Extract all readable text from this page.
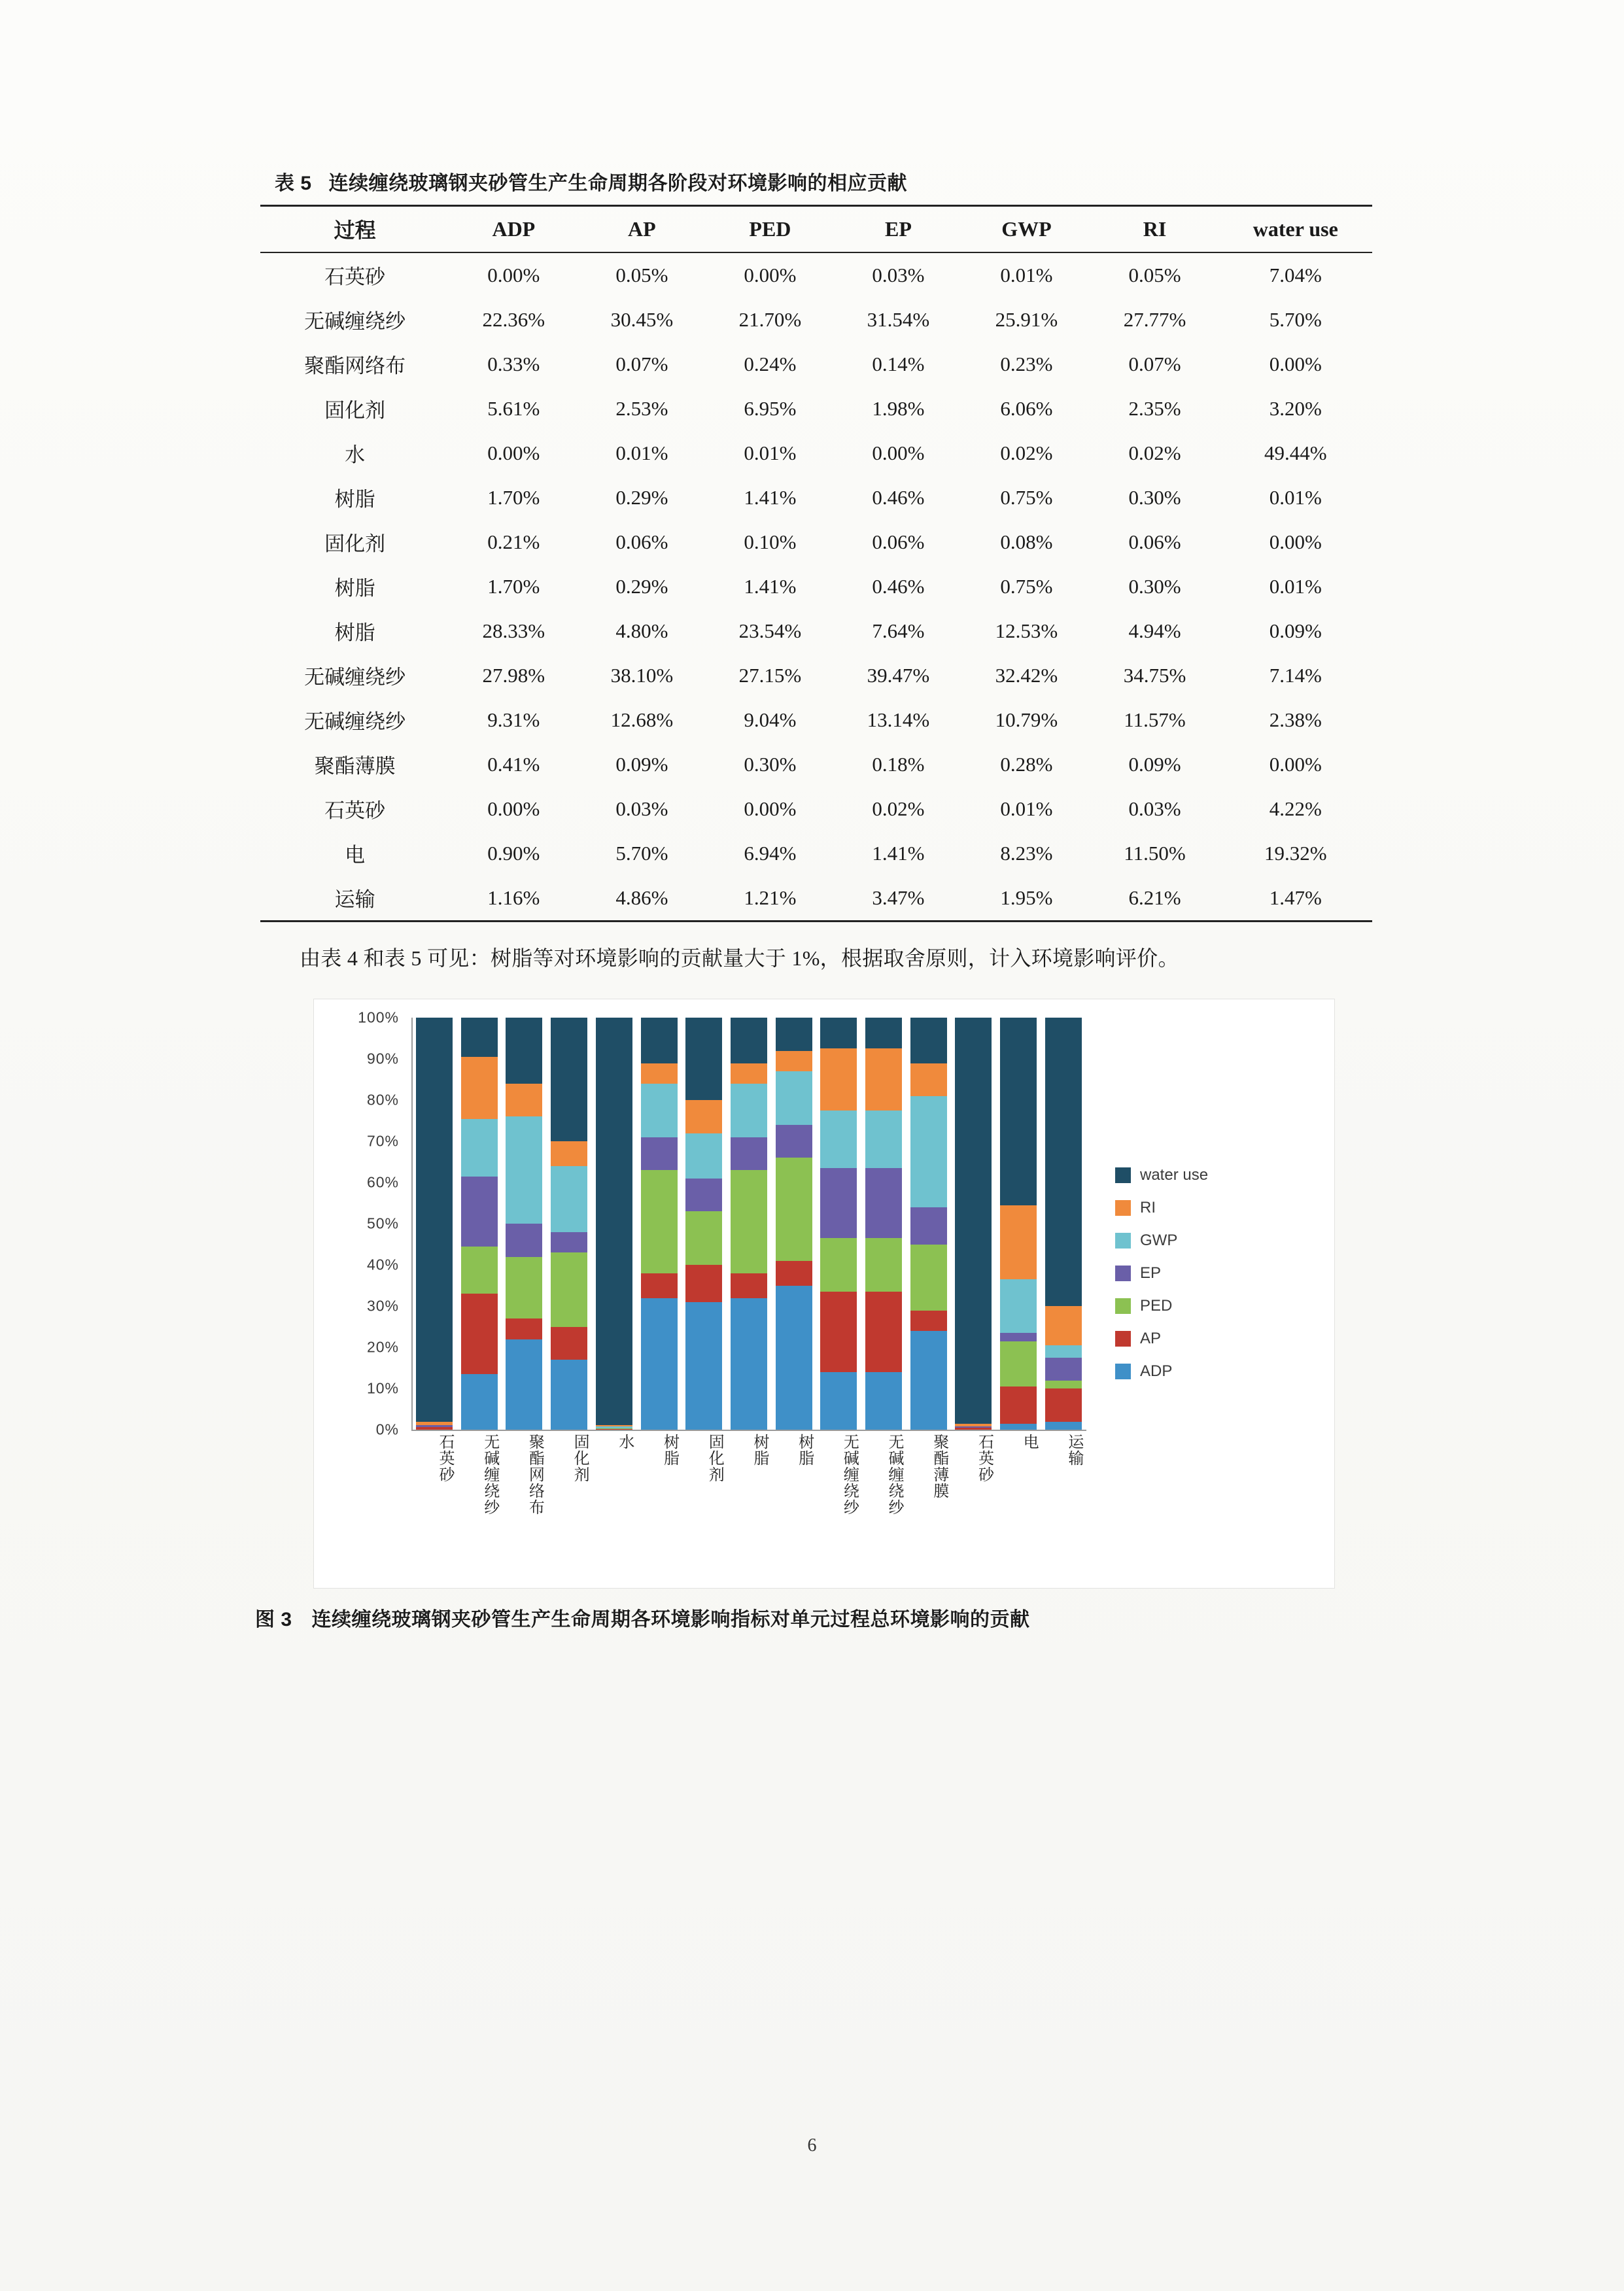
表 5 连续缠绕玻璃钢夹砂管生产生命周期各阶段对环境影响的相应贡献
过程	ADP	AP	PED	EP	GWP	RI	water use
石英砂	0.00%	0.05%	0.00%	0.03%	0.01%	0.05%	7.04%
无碱缠绕纱	22.36%	30.45%	21.70%	31.54%	25.91%	27.77%	5.70%
聚酯网络布	0.33%	0.07%	0.24%	0.14%	0.23%	0.07%	0.00%
固化剂	5.61%	2.53%	6.95%	1.98%	6.06%	2.35%	3.20%
水	0.00%	0.01%	0.01%	0.00%	0.02%	0.02%	49.44%
树脂	1.70%	0.29%	1.41%	0.46%	0.75%	0.30%	0.01%
固化剂	0.21%	0.06%	0.10%	0.06%	0.08%	0.06%	0.00%
树脂	1.70%	0.29%	1.41%	0.46%	0.75%	0.30%	0.01%
树脂	28.33%	4.80%	23.54%	7.64%	12.53%	4.94%	0.09%
无碱缠绕纱	27.98%	38.10%	27.15%	39.47%	32.42%	34.75%	7.14%
无碱缠绕纱	9.31%	12.68%	9.04%	13.14%	10.79%	11.57%	2.38%
聚酯薄膜	0.41%	0.09%	0.30%	0.18%	0.28%	0.09%	0.00%
石英砂	0.00%	0.03%	0.00%	0.02%	0.01%	0.03%	4.22%
电	0.90%	5.70%	6.94%	1.41%	8.23%	11.50%	19.32%
运输	1.16%	4.86%	1.21%	3.47%	1.95%	6.21%	1.47%

由表 4 和表 5 可见：树脂等对环境影响的贡献量大于 1%，根据取舍原则，计入环境影响评价。

0%
10%
20%
30%
40%
50%
60%
70%
80%
90%
100%
石英砂	无碱缠绕纱	聚酯网络布	固化剂	水	树脂	固化剂	树脂	树脂	无碱缠绕纱	无碱缠绕纱	聚酯薄膜	石英砂	电	运输
water use
RI
GWP
EP
PED
AP
ADP
图 3 连续缠绕玻璃钢夹砂管生产生命周期各环境影响指标对单元过程总环境影响的贡献
6
